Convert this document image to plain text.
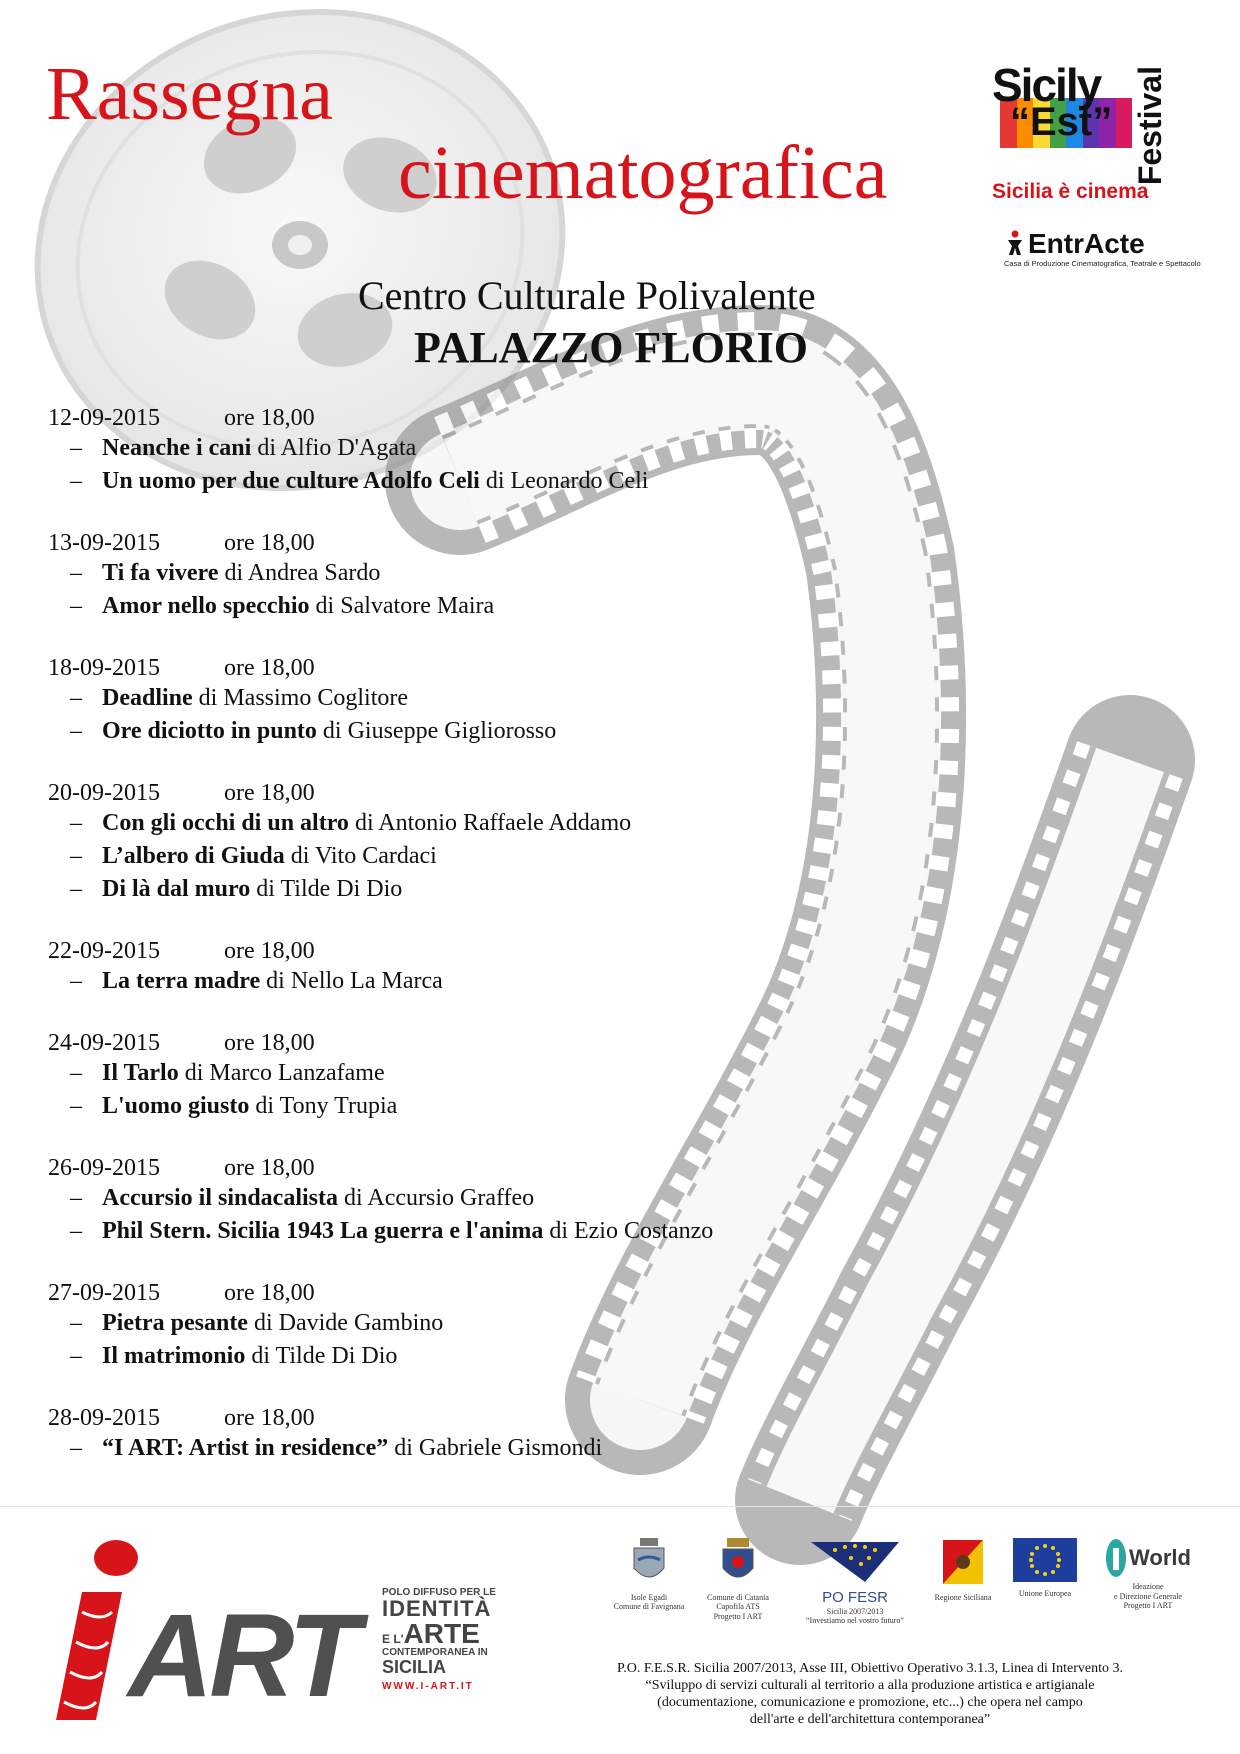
Rassegna
cinematografica
Centro Culturale Polivalente
PALAZZO FLORIO
Sicily
“Est” Festival
Sicilia è cinema
EntrActe
Casa di Produzione Cinematografica, Teatrale e Spettacolo
12-09-2015	ore 18,00
– Neanche i cani di Alfio D'Agata
– Un uomo per due culture Adolfo Celi di Leonardo Celi
13-09-2015	ore 18,00
– Ti fa vivere di Andrea Sardo
– Amor nello specchio di Salvatore Maira
18-09-2015	ore 18,00
– Deadline di Massimo Coglitore
– Ore diciotto in punto di Giuseppe Gigliorosso
20-09-2015	ore 18,00
– Con gli occhi di un altro di Antonio Raffaele Addamo
– L’albero di Giuda di Vito Cardaci
– Di là dal muro di Tilde Di Dio
22-09-2015	ore 18,00
– La terra madre di Nello La Marca
24-09-2015	ore 18,00
– Il Tarlo di Marco Lanzafame
– L'uomo giusto di Tony Trupia
26-09-2015	ore 18,00
– Accursio il sindacalista di Accursio Graffeo
– Phil Stern. Sicilia 1943 La guerra e l'anima di Ezio Costanzo
27-09-2015	ore 18,00
– Pietra pesante di Davide Gambino
– Il matrimonio di Tilde Di Dio
28-09-2015	ore 18,00
– “I ART: Artist in residence” di Gabriele Gismondi
ART	POLO DIFFUSO PER LE
IDENTITÀ
E L'ARTE
CONTEMPORANEA IN
SICILIA
WWW.I-ART.IT
Isole Egadi
Comune di Favignana
Comune di Catania
Capofila ATS
Progetto I ART
PO FESR
Sicilia 2007/2013
“Investiamo nel vostro futuro”
Regione Siciliana	Unione Europea
World
Ideazione
e Direzione Generale
Progetto I ART

P.O. F.E.S.R. Sicilia 2007/2013, Asse III, Obiettivo Operativo 3.1.3, Linea di Intervento 3.

“Sviluppo di servizi culturali al territorio a alla produzione artistica e artigianale

(documentazione, comunicazione e promozione, etc...) che opera nel campo

dell'arte e dell'architettura contemporanea”
